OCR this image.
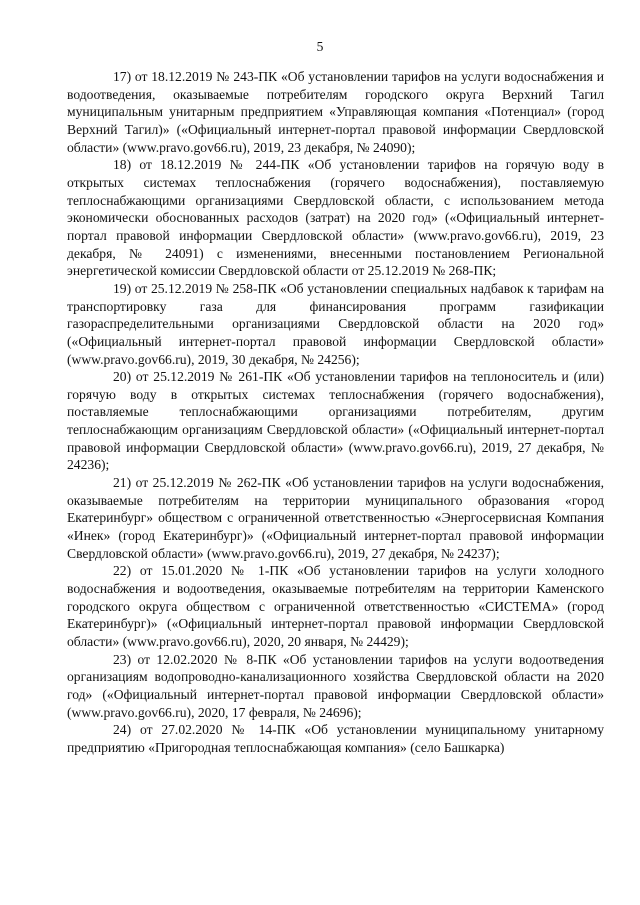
5

17) от 18.12.2019 № 243-ПК «Об установлении тарифов на услуги водоснабжения и водоотведения, оказываемые потребителям городского округа Верхний Тагил муниципальным унитарным предприятием «Управляющая компания «Потенциал» (город Верхний Тагил)» («Официальный интернет-портал правовой информации Свердловской области» (www.pravo.gov66.ru), 2019, 23 декабря, № 24090);

18) от 18.12.2019 № 244-ПК «Об установлении тарифов на горячую воду в открытых системах теплоснабжения (горячего водоснабжения), поставляемую теплоснабжающими организациями Свердловской области, с использованием метода экономически обоснованных расходов (затрат) на 2020 год» («Официальный интернет-портал правовой информации Свердловской области» (www.pravo.gov66.ru), 2019, 23 декабря, № 24091) с изменениями, внесенными постановлением Региональной энергетической комиссии Свердловской области от 25.12.2019 № 268-ПК;

19) от 25.12.2019 № 258-ПК «Об установлении специальных надбавок к тарифам на транспортировку газа для финансирования программ газификации газораспределительными организациями Свердловской области на 2020 год» («Официальный интернет-портал правовой информации Свердловской области» (www.pravo.gov66.ru), 2019, 30 декабря, № 24256);

20) от 25.12.2019 № 261-ПК «Об установлении тарифов на теплоноситель и (или) горячую воду в открытых системах теплоснабжения (горячего водоснабжения), поставляемые теплоснабжающими организациями потребителям, другим теплоснабжающим организациям Свердловской области» («Официальный интернет-портал правовой информации Свердловской области» (www.pravo.gov66.ru), 2019, 27 декабря, № 24236);

21) от 25.12.2019 № 262-ПК «Об установлении тарифов на услуги водоснабжения, оказываемые потребителям на территории муниципального образования «город Екатеринбург» обществом с ограниченной ответственностью «Энергосервисная Компания «Инек» (город Екатеринбург)» («Официальный интернет-портал правовой информации Свердловской области» (www.pravo.gov66.ru), 2019, 27 декабря, № 24237);

22) от 15.01.2020 № 1-ПК «Об установлении тарифов на услуги холодного водоснабжения и водоотведения, оказываемые потребителям на территории Каменского городского округа обществом с ограниченной ответственностью «СИСТЕМА» (город Екатеринбург)» («Официальный интернет-портал правовой информации Свердловской области» (www.pravo.gov66.ru), 2020, 20 января, № 24429);

23) от 12.02.2020 № 8-ПК «Об установлении тарифов на услуги водоотведения организациям водопроводно-канализационного хозяйства Свердловской области на 2020 год» («Официальный интернет-портал правовой информации Свердловской области» (www.pravo.gov66.ru), 2020, 17 февраля, № 24696);

24) от 27.02.2020 № 14-ПК «Об установлении муниципальному унитарному предприятию «Пригородная теплоснабжающая компания» (село Башкарка)
